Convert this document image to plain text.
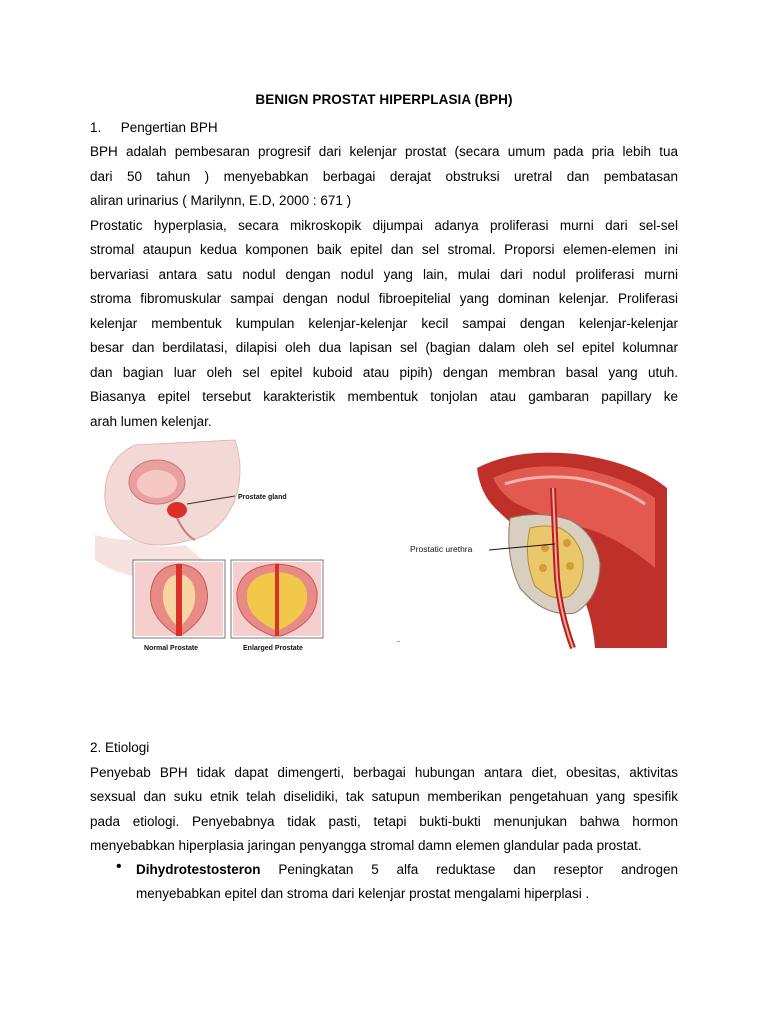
BENIGN PROSTAT HIPERPLASIA (BPH)
1. Pengertian BPH
BPH adalah pembesaran progresif dari kelenjar prostat (secara umum pada pria lebih tua
dari 50 tahun ) menyebabkan berbagai derajat obstruksi uretral dan pembatasan
aliran urinarius ( Marilynn, E.D, 2000 : 671 )
Prostatic hyperplasia, secara mikroskopik dijumpai adanya proliferasi murni dari sel-sel
stromal ataupun kedua komponen baik epitel dan sel stromal. Proporsi elemen-elemen ini
bervariasi antara satu nodul dengan nodul yang lain, mulai dari nodul proliferasi murni
stroma fibromuskular sampai dengan nodul fibroepitelial yang dominan kelenjar. Proliferasi
kelenjar membentuk kumpulan kelenjar-kelenjar kecil sampai dengan kelenjar-kelenjar
besar dan berdilatasi, dilapisi oleh dua lapisan sel (bagian dalam oleh sel epitel kolumnar
dan bagian luar oleh sel epitel kuboid atau pipih) dengan membran basal yang utuh.
Biasanya epitel tersebut karakteristik membentuk tonjolan atau gambaran papillary ke
arah lumen kelenjar.
Prostate gland
Normal Prostate	Enlarged Prostate
Prostatic urethra
-
2. Etiologi
Penyebab BPH tidak dapat dimengerti, berbagai hubungan antara diet, obesitas, aktivitas
sexsual dan suku etnik telah diselidiki, tak satupun memberikan pengetahuan yang spesifik
pada etiologi. Penyebabnya tidak pasti, tetapi bukti-bukti menunjukan bahwa hormon
menyebabkan hiperplasia jaringan penyangga stromal damn elemen glandular pada prostat.
• Dihydrotestosteron Peningkatan 5 alfa reduktase dan reseptor androgen
menyebabkan epitel dan stroma dari kelenjar prostat mengalami hiperplasi .
